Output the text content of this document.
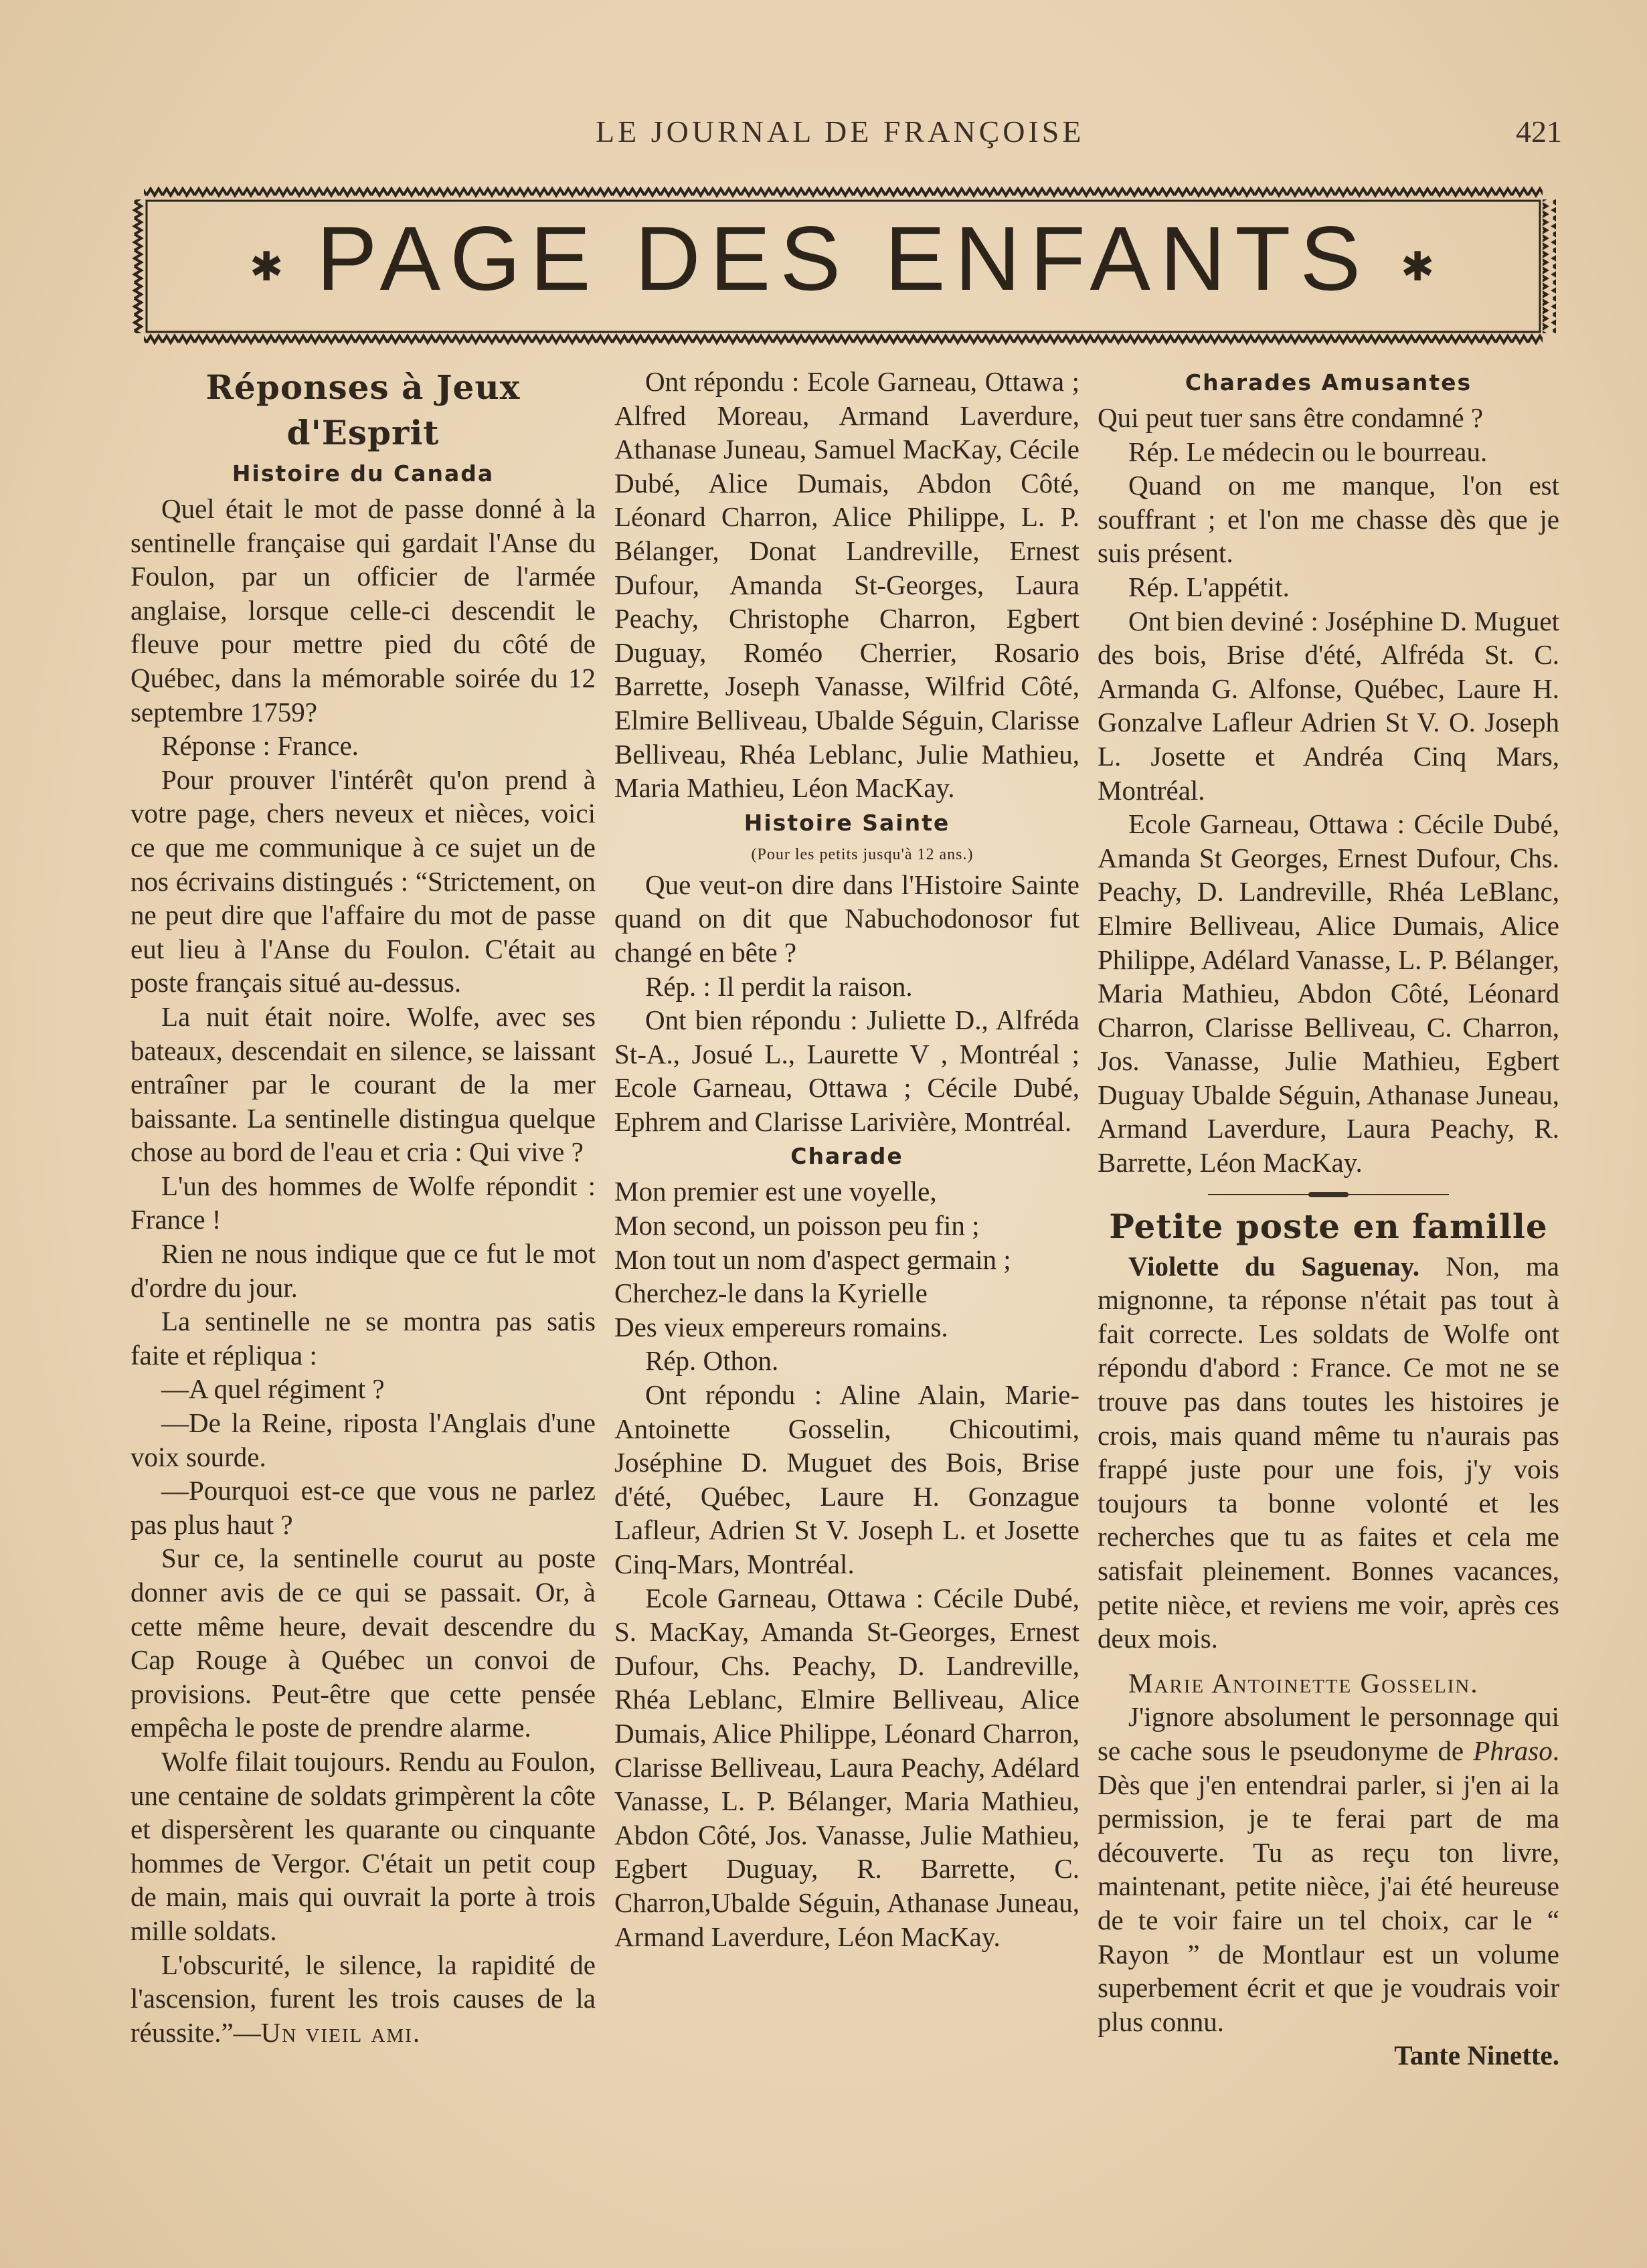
LE JOURNAL DE FRANÇOISE	421
✱ PAGE DES ENFANTS ✱
Réponses à Jeux d'Esprit
Histoire du Canada

Quel était le mot de passe donné à la sentinelle française qui gardait l'Anse du Foulon, par un officier de l'armée anglaise, lorsque celle-ci descendit le fleuve pour mettre pied du côté de Québec, dans la mémorable soirée du 12 septembre 1759?

Réponse : France.

Pour prouver l'intérêt qu'on prend à votre page, chers neveux et nièces, voici ce que me communique à ce sujet un de nos écrivains distingués : “Strictement, on ne peut dire que l'affaire du mot de passe eut lieu à l'Anse du Foulon. C'était au poste français situé au-dessus.

La nuit était noire. Wolfe, avec ses bateaux, descendait en silence, se laissant entraîner par le courant de la mer baissante. La sentinelle distingua quelque chose au bord de l'eau et cria : Qui vive ?

L'un des hommes de Wolfe répondit : France !

Rien ne nous indique que ce fut le mot d'ordre du jour.

La sentinelle ne se montra pas satis faite et répliqua :

—A quel régiment ?

—De la Reine, riposta l'Anglais d'une voix sourde.

—Pourquoi est-ce que vous ne parlez pas plus haut ?

Sur ce, la sentinelle courut au poste donner avis de ce qui se passait. Or, à cette même heure, devait descendre du Cap Rouge à Québec un convoi de provisions. Peut-être que cette pensée empêcha le poste de prendre alarme.

Wolfe filait toujours. Rendu au Foulon, une centaine de soldats grimpèrent la côte et dispersèrent les quarante ou cinquante hommes de Vergor. C'était un petit coup de main, mais qui ouvrait la porte à trois mille soldats.

L'obscurité, le silence, la rapidité de l'ascension, furent les trois causes de la réussite.”—Un vieil ami.

Ont répondu : Ecole Garneau, Ottawa ; Alfred Moreau, Armand Laverdure, Athanase Juneau, Samuel MacKay, Cécile Dubé, Alice Dumais, Abdon Côté, Léonard Charron, Alice Philippe, L. P. Bélanger, Donat Landreville, Ernest Dufour, Amanda St-Georges, Laura Peachy, Christophe Charron, Egbert Duguay, Roméo Cherrier, Rosario Barrette, Joseph Vanasse, Wilfrid Côté, Elmire Belliveau, Ubalde Séguin, Clarisse Belliveau, Rhéa Leblanc, Julie Mathieu, Maria Mathieu, Léon MacKay.

Histoire Sainte

(Pour les petits jusqu'à 12 ans.)

Que veut-on dire dans l'Histoire Sainte quand on dit que Nabuchodonosor fut changé en bête ?

Rép. : Il perdit la raison.

Ont bien répondu : Juliette D., Alfréda St-A., Josué L., Laurette V , Montréal ; Ecole Garneau, Ottawa ; Cécile Dubé, Ephrem and Clarisse Larivière, Montréal.

Charade

Mon premier est une voyelle,

Mon second, un poisson peu fin ;

Mon tout un nom d'aspect germain ;

Cherchez-le dans la Kyrielle

Des vieux empereurs romains.

Rép. Othon.

Ont répondu : Aline Alain, Marie-Antoinette Gosselin, Chicoutimi, Joséphine D. Muguet des Bois, Brise d'été, Québec, Laure H. Gonzague Lafleur, Adrien St V. Joseph L. et Josette Cinq-Mars, Montréal.

Ecole Garneau, Ottawa : Cécile Dubé, S. MacKay, Amanda St-Georges, Ernest Dufour, Chs. Peachy, D. Landreville, Rhéa Leblanc, Elmire Belliveau, Alice Dumais, Alice Philippe, Léonard Charron, Clarisse Belliveau, Laura Peachy, Adélard Vanasse, L. P. Bélanger, Maria Mathieu, Abdon Côté, Jos. Vanasse, Julie Mathieu, Egbert Duguay, R. Barrette, C. Charron,Ubalde Séguin, Athanase Juneau, Armand Laverdure, Léon MacKay.

Charades Amusantes

Qui peut tuer sans être condamné ?

Rép. Le médecin ou le bourreau.

Quand on me manque, l'on est souffrant ; et l'on me chasse dès que je suis présent.

Rép. L'appétit.

Ont bien deviné : Joséphine D. Muguet des bois, Brise d'été, Alfréda St. C. Armanda G. Alfonse, Québec, Laure H. Gonzalve Lafleur Adrien St V. O. Joseph L. Josette et Andréa Cinq Mars, Montréal.

Ecole Garneau, Ottawa : Cécile Dubé, Amanda St Georges, Ernest Dufour, Chs. Peachy, D. Landreville, Rhéa LeBlanc, Elmire Belliveau, Alice Dumais, Alice Philippe, Adélard Vanasse, L. P. Bélanger, Maria Mathieu, Abdon Côté, Léonard Charron, Clarisse Belliveau, C. Charron, Jos. Vanasse, Julie Mathieu, Egbert Duguay Ubalde Séguin, Athanase Juneau, Armand Laverdure, Laura Peachy, R. Barrette, Léon MacKay.

Petite poste en famille

Violette du Saguenay. Non, ma mignonne, ta réponse n'était pas tout à fait correcte. Les soldats de Wolfe ont répondu d'abord : France. Ce mot ne se trouve pas dans toutes les histoires je crois, mais quand même tu n'aurais pas frappé juste pour une fois, j'y vois toujours ta bonne volonté et les recherches que tu as faites et cela me satisfait pleinement. Bonnes vacances, petite nièce, et reviens me voir, après ces deux mois.

Marie Antoinette Gosselin.

J'ignore absolument le personnage qui se cache sous le pseudonyme de Phraso. Dès que j'en entendrai parler, si j'en ai la permission, je te ferai part de ma découverte. Tu as reçu ton livre, maintenant, petite nièce, j'ai été heureuse de te voir faire un tel choix, car le “ Rayon ” de Montlaur est un volume superbement écrit et que je voudrais voir plus connu.

Tante Ninette.
